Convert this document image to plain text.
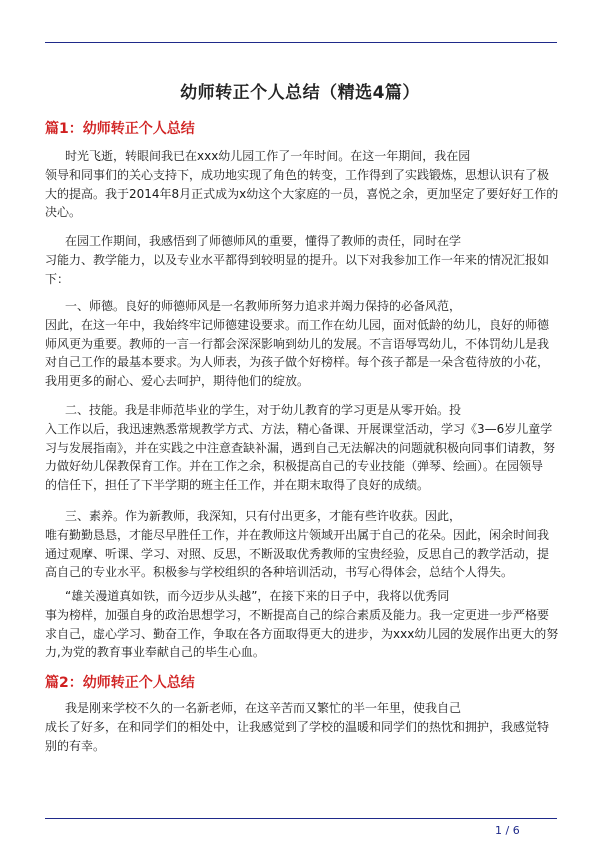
幼师转正个人总结（精选4篇）
篇1：幼师转正个人总结
时光飞逝，转眼间我已在xxx幼儿园工作了一年时间。在这一年期间，我在园
领导和同事们的关心支持下，成功地实现了角色的转变，工作得到了实践锻炼，思想认识有了极
大的提高。我于2014年8月正式成为x幼这个大家庭的一员，喜悦之余，更加坚定了要好好工作的
决心。
在园工作期间，我感悟到了师德师风的重要，懂得了教师的责任，同时在学
习能力、教学能力，以及专业水平都得到较明显的提升。以下对我参加工作一年来的情况汇报如
下：
一、师德。良好的师德师风是一名教师所努力追求并竭力保持的必备风范，
因此，在这一年中，我始终牢记师德建设要求。而工作在幼儿园，面对低龄的幼儿，良好的师德
师风更为重要。教师的一言一行都会深深影响到幼儿的发展。不言语辱骂幼儿，不体罚幼儿是我
对自己工作的最基本要求。为人师表，为孩子做个好榜样。每个孩子都是一朵含苞待放的小花，
我用更多的耐心、爱心去呵护，期待他们的绽放。
二、技能。我是非师范毕业的学生，对于幼儿教育的学习更是从零开始。投
入工作以后，我迅速熟悉常规教学方式、方法，精心备课、开展课堂活动，学习《3—6岁儿童学
习与发展指南》，并在实践之中注意查缺补漏，遇到自己无法解决的问题就积极向同事们请教，努
力做好幼儿保教保育工作。并在工作之余，积极提高自己的专业技能（弹琴、绘画）。在园领导
的信任下，担任了下半学期的班主任工作，并在期末取得了良好的成绩。
三、素养。作为新教师，我深知，只有付出更多，才能有些许收获。因此，
唯有勤勤恳恳，才能尽早胜任工作，并在教师这片领域开出属于自己的花朵。因此，闲余时间我
通过观摩、听课、学习、对照、反思，不断汲取优秀教师的宝贵经验，反思自己的教学活动，提
高自己的专业水平。积极参与学校组织的各种培训活动，书写心得体会，总结个人得失。
“雄关漫道真如铁，而今迈步从头越”，在接下来的日子中，我将以优秀同
事为榜样，加强自身的政治思想学习，不断提高自己的综合素质及能力。我一定更进一步严格要
求自己，虚心学习、勤奋工作，争取在各方面取得更大的进步，为xxx幼儿园的发展作出更大的努
力,为党的教育事业奉献自己的毕生心血。
篇2：幼师转正个人总结
我是刚来学校不久的一名新老师，在这辛苦而又繁忙的半一年里，使我自己
成长了好多，在和同学们的相处中，让我感觉到了学校的温暖和同学们的热忱和拥护，我感觉特
别的有幸。
1 / 6
